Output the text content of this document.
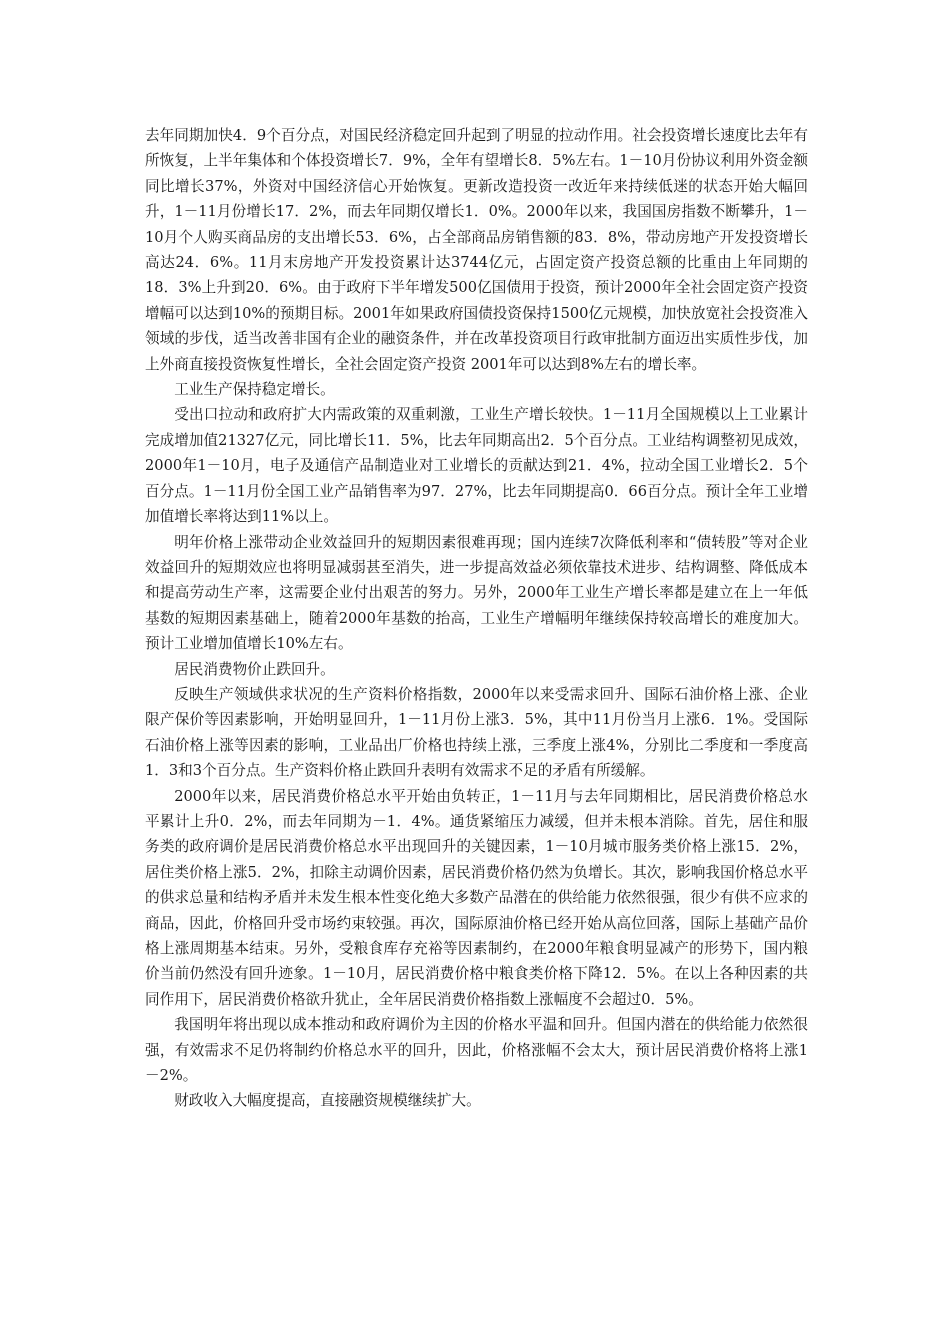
去年同期加快4．9个百分点，对国民经济稳定回升起到了明显的拉动作用。社会投资增长速度比去年有所恢复，上半年集体和个体投资增长7．9%，全年有望增长8．5%左右。1－10月份协议利用外资金额同比增长37%，外资对中国经济信心开始恢复。更新改造投资一改近年来持续低迷的状态开始大幅回升，1－11月份增长17．2%，而去年同期仅增长1．0%。2000年以来，我国国房指数不断攀升，1－10月个人购买商品房的支出增长53．6%，占全部商品房销售额的83．8%，带动房地产开发投资增长高达24．6%。11月末房地产开发投资累计达3744亿元，占固定资产投资总额的比重由上年同期的18．3%上升到20．6%。由于政府下半年增发500亿国债用于投资，预计2000年全社会固定资产投资增幅可以达到10%的预期目标。2001年如果政府国债投资保持1500亿元规模，加快放宽社会投资准入领域的步伐，适当改善非国有企业的融资条件，并在改革投资项目行政审批制方面迈出实质性步伐，加上外商直接投资恢复性增长，全社会固定资产投资 2001年可以达到8%左右的增长率。

工业生产保持稳定增长。

受出口拉动和政府扩大内需政策的双重刺激，工业生产增长较快。1－11月全国规模以上工业累计完成增加值21327亿元，同比增长11．5%，比去年同期高出2．5个百分点。工业结构调整初见成效，2000年1－10月，电子及通信产品制造业对工业增长的贡献达到21．4%，拉动全国工业增长2．5个百分点。1－11月份全国工业产品销售率为97．27%，比去年同期提高0．66百分点。预计全年工业增加值增长率将达到11%以上。

明年价格上涨带动企业效益回升的短期因素很难再现；国内连续7次降低利率和“债转股”等对企业效益回升的短期效应也将明显减弱甚至消失，进一步提高效益必须依靠技术进步、结构调整、降低成本和提高劳动生产率，这需要企业付出艰苦的努力。另外，2000年工业生产增长率都是建立在上一年低基数的短期因素基础上，随着2000年基数的抬高，工业生产增幅明年继续保持较高增长的难度加大。预计工业增加值增长10%左右。

居民消费物价止跌回升。

反映生产领域供求状况的生产资料价格指数，2000年以来受需求回升、国际石油价格上涨、企业限产保价等因素影响，开始明显回升，1－11月份上涨3．5%，其中11月份当月上涨6．1%。受国际石油价格上涨等因素的影响，工业品出厂价格也持续上涨，三季度上涨4%，分别比二季度和一季度高1．3和3个百分点。生产资料价格止跌回升表明有效需求不足的矛盾有所缓解。

2000年以来，居民消费价格总水平开始由负转正，1－11月与去年同期相比，居民消费价格总水平累计上升0．2%，而去年同期为－1．4%。通货紧缩压力减缓，但并未根本消除。首先，居住和服务类的政府调价是居民消费价格总水平出现回升的关键因素，1－10月城市服务类价格上涨15．2%，居住类价格上涨5．2%，扣除主动调价因素，居民消费价格仍然为负增长。其次，影响我国价格总水平的供求总量和结构矛盾并未发生根本性变化绝大多数产品潜在的供给能力依然很强，很少有供不应求的商品，因此，价格回升受市场约束较强。再次，国际原油价格已经开始从高位回落，国际上基础产品价格上涨周期基本结束。另外，受粮食库存充裕等因素制约，在2000年粮食明显减产的形势下，国内粮价当前仍然没有回升迹象。1－10月，居民消费价格中粮食类价格下降12．5%。在以上各种因素的共同作用下，居民消费价格欲升犹止，全年居民消费价格指数上涨幅度不会超过0．5%。

我国明年将出现以成本推动和政府调价为主因的价格水平温和回升。但国内潜在的供给能力依然很强，有效需求不足仍将制约价格总水平的回升，因此，价格涨幅不会太大，预计居民消费价格将上涨1－2%。

财政收入大幅度提高，直接融资规模继续扩大。
